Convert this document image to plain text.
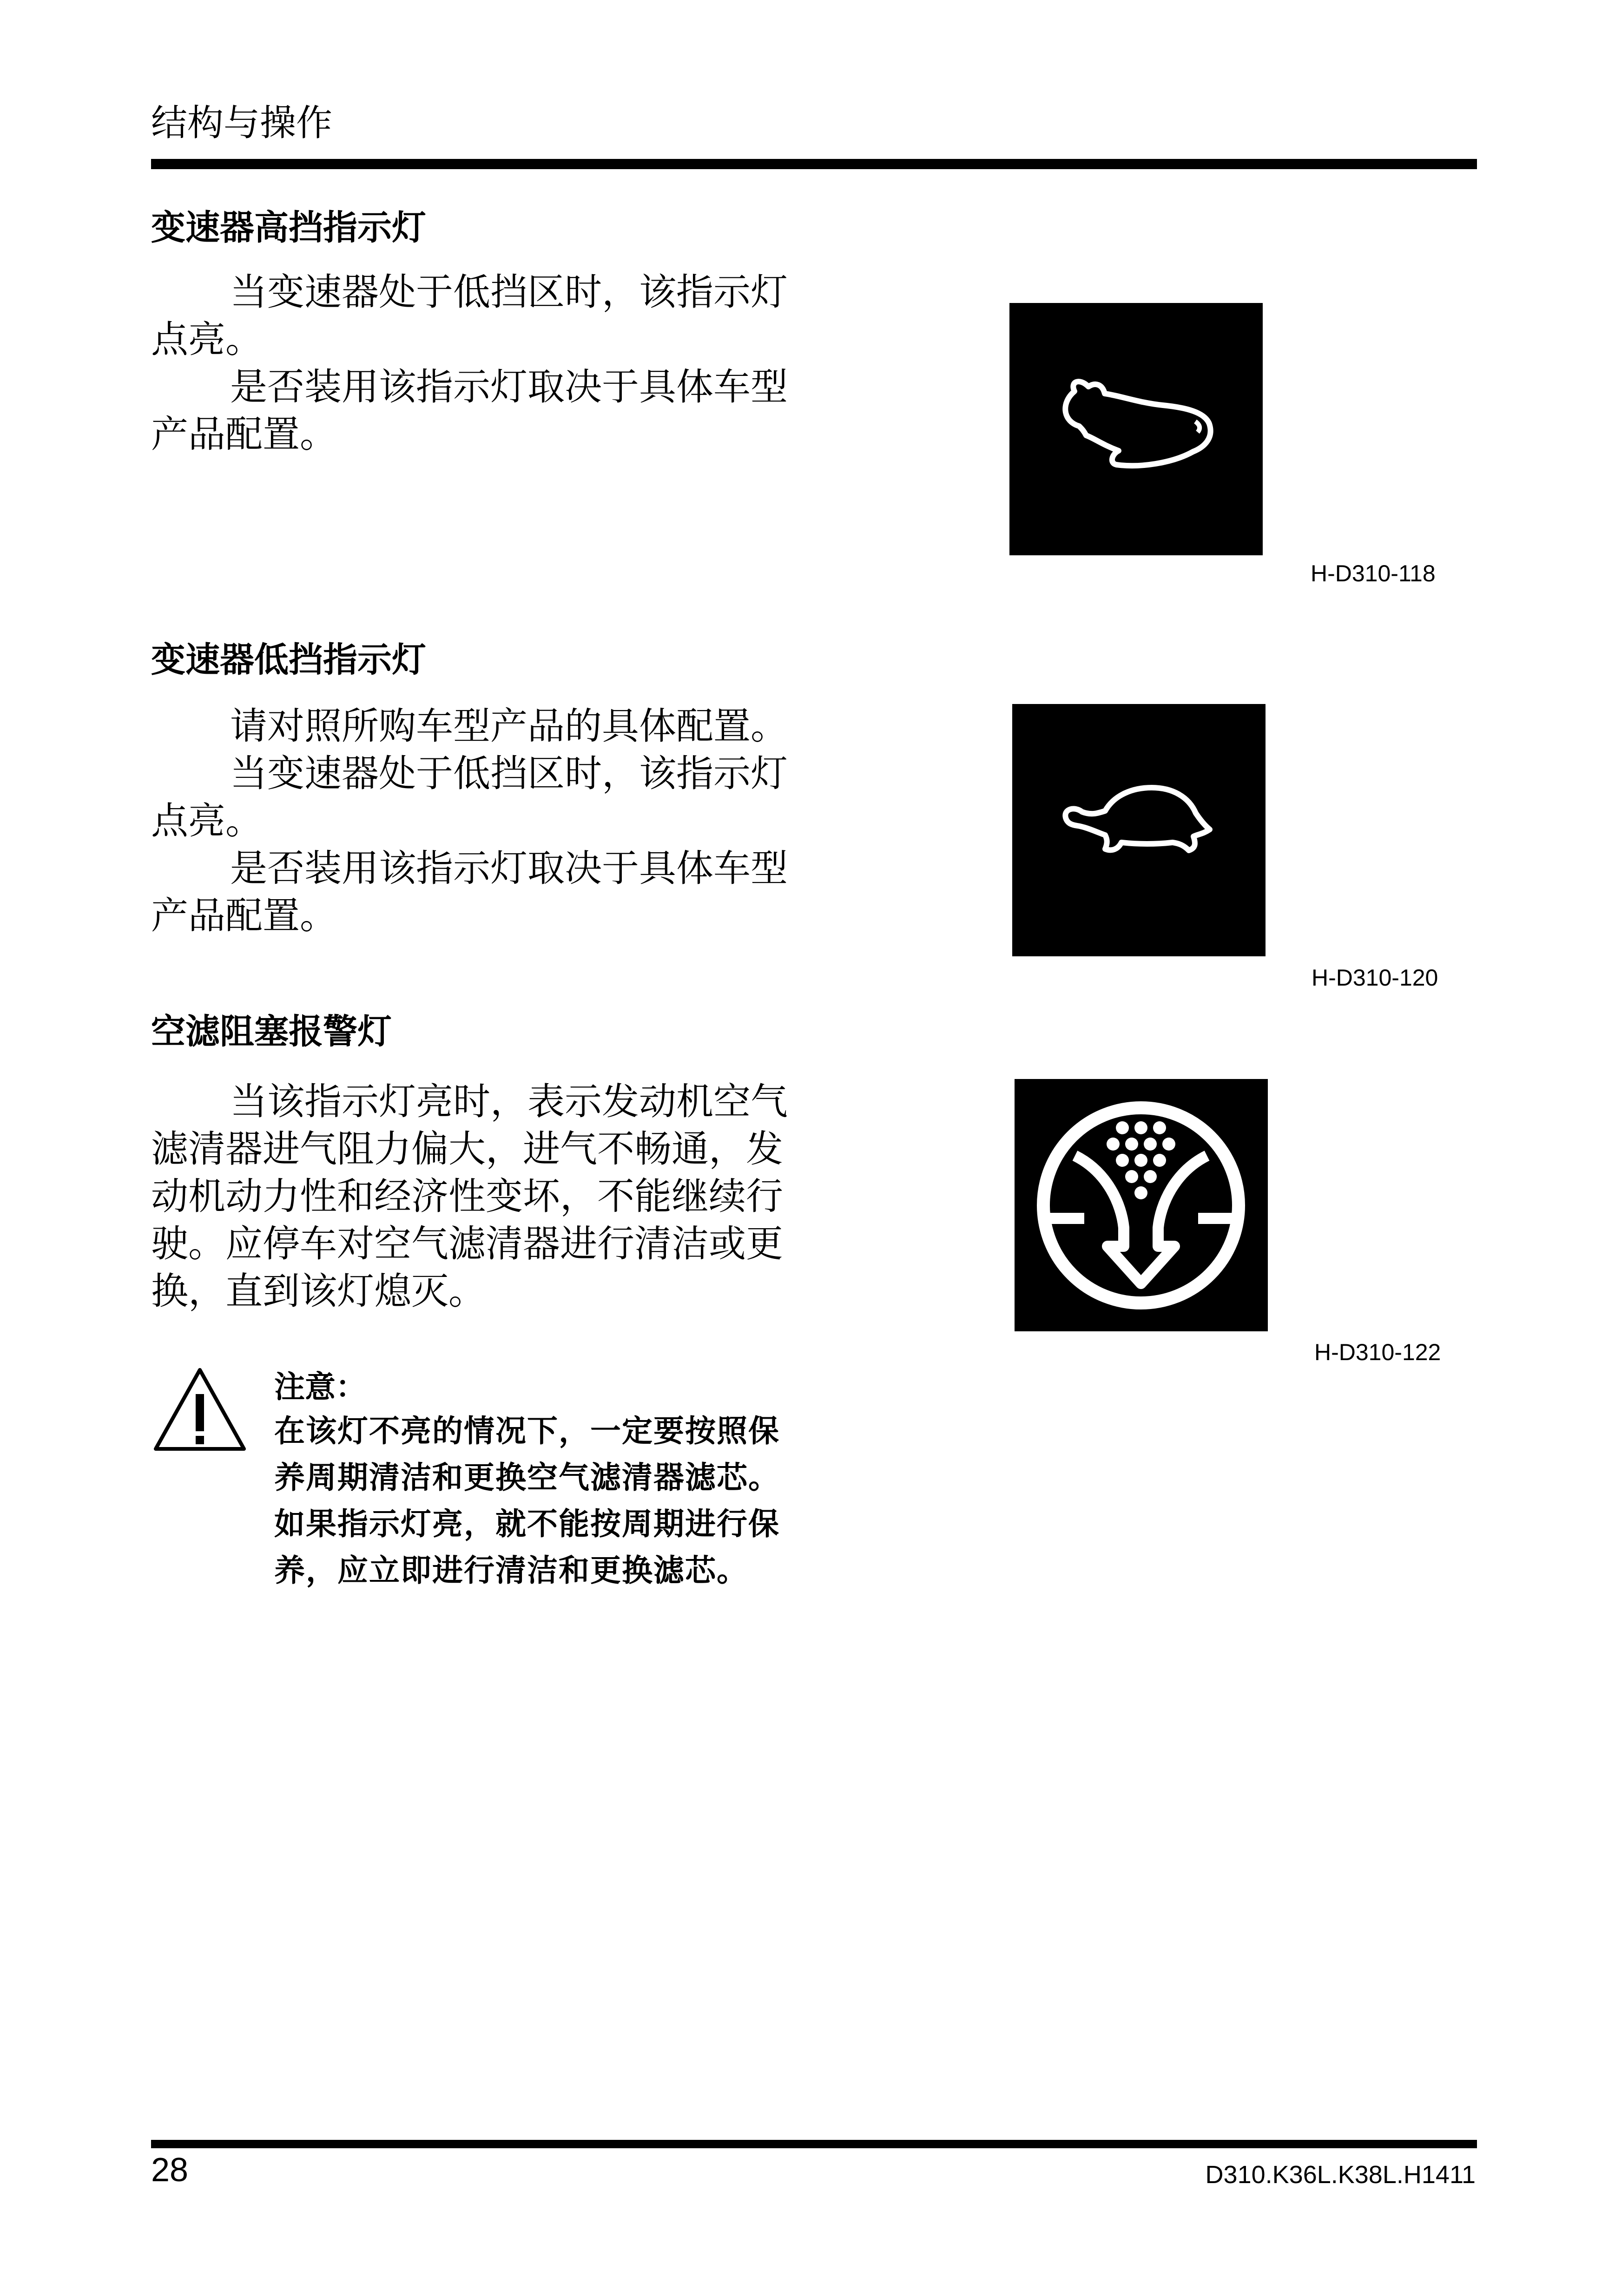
结构与操作
变速器高挡指示灯

当变速器处于低挡区时，该指示灯点亮。

是否装用该指示灯取决于具体车型产品配置。

H-D310-118
变速器低挡指示灯

请对照所购车型产品的具体配置。

当变速器处于低挡区时，该指示灯点亮。

是否装用该指示灯取决于具体车型产品配置。

H-D310-120
空滤阻塞报警灯

当该指示灯亮时，表示发动机空气滤清器进气阻力偏大，进气不畅通，发动机动力性和经济性变坏，不能继续行驶。应停车对空气滤清器进行清洁或更换，直到该灯熄灭。

H-D310-122
注意：

在该灯不亮的情况下，一定要按照保养周期清洁和更换空气滤清器滤芯。如果指示灯亮，就不能按周期进行保养，应立即进行清洁和更换滤芯。

28	D310.K36L.K38L.H1411
